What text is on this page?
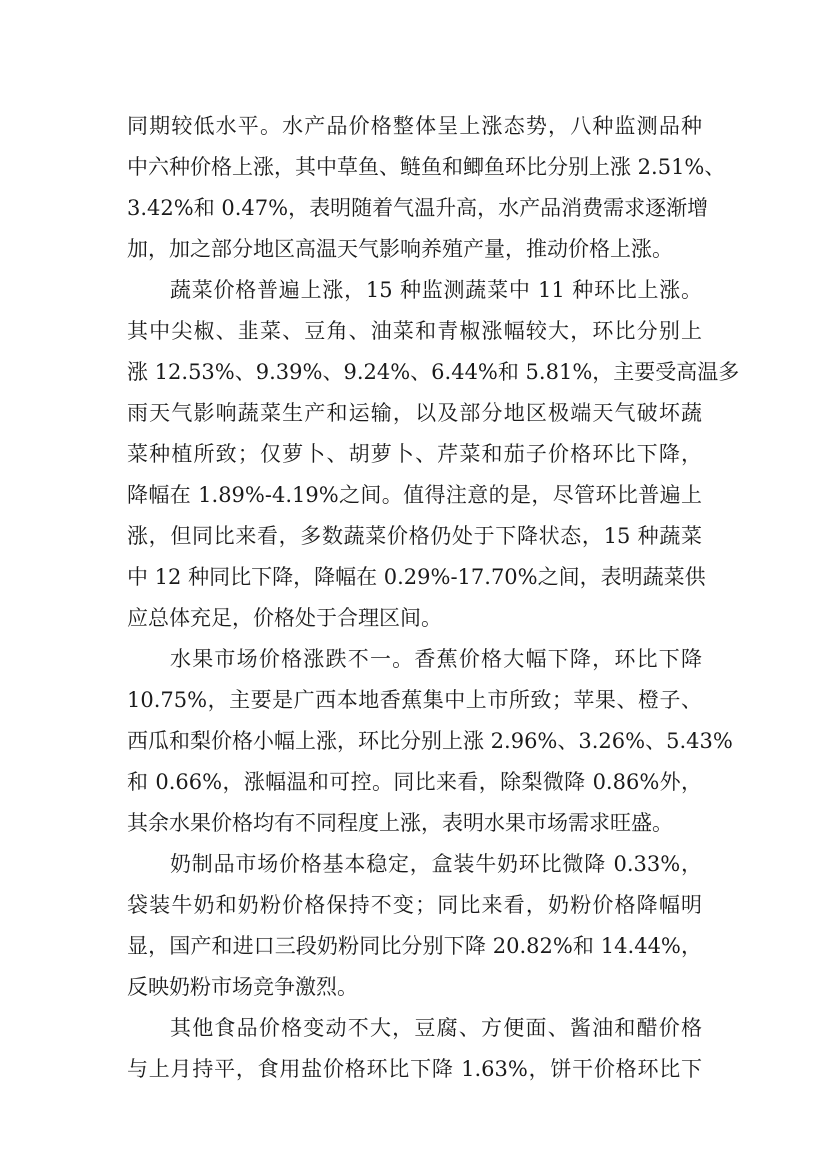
同期较低水平。水产品价格整体呈上涨态势，八种监测品种
中六种价格上涨，其中草鱼、鲢鱼和鲫鱼环比分别上涨 2.51%、
3.42%和 0.47%，表明随着气温升高，水产品消费需求逐渐增
加，加之部分地区高温天气影响养殖产量，推动价格上涨。
蔬菜价格普遍上涨，15 种监测蔬菜中 11 种环比上涨。
其中尖椒、韭菜、豆角、油菜和青椒涨幅较大，环比分别上
涨 12.53%、9.39%、9.24%、6.44%和 5.81%，主要受高温多
雨天气影响蔬菜生产和运输，以及部分地区极端天气破坏蔬
菜种植所致；仅萝卜、胡萝卜、芹菜和茄子价格环比下降，
降幅在 1.89%-4.19%之间。值得注意的是，尽管环比普遍上
涨，但同比来看，多数蔬菜价格仍处于下降状态，15 种蔬菜
中 12 种同比下降，降幅在 0.29%-17.70%之间，表明蔬菜供
应总体充足，价格处于合理区间。
水果市场价格涨跌不一。香蕉价格大幅下降，环比下降
10.75%，主要是广西本地香蕉集中上市所致；苹果、橙子、
西瓜和梨价格小幅上涨，环比分别上涨 2.96%、3.26%、5.43%
和 0.66%，涨幅温和可控。同比来看，除梨微降 0.86%外，
其余水果价格均有不同程度上涨，表明水果市场需求旺盛。
奶制品市场价格基本稳定，盒装牛奶环比微降 0.33%，
袋装牛奶和奶粉价格保持不变；同比来看，奶粉价格降幅明
显，国产和进口三段奶粉同比分别下降 20.82%和 14.44%，
反映奶粉市场竞争激烈。
其他食品价格变动不大，豆腐、方便面、酱油和醋价格
与上月持平，食用盐价格环比下降 1.63%，饼干价格环比下
